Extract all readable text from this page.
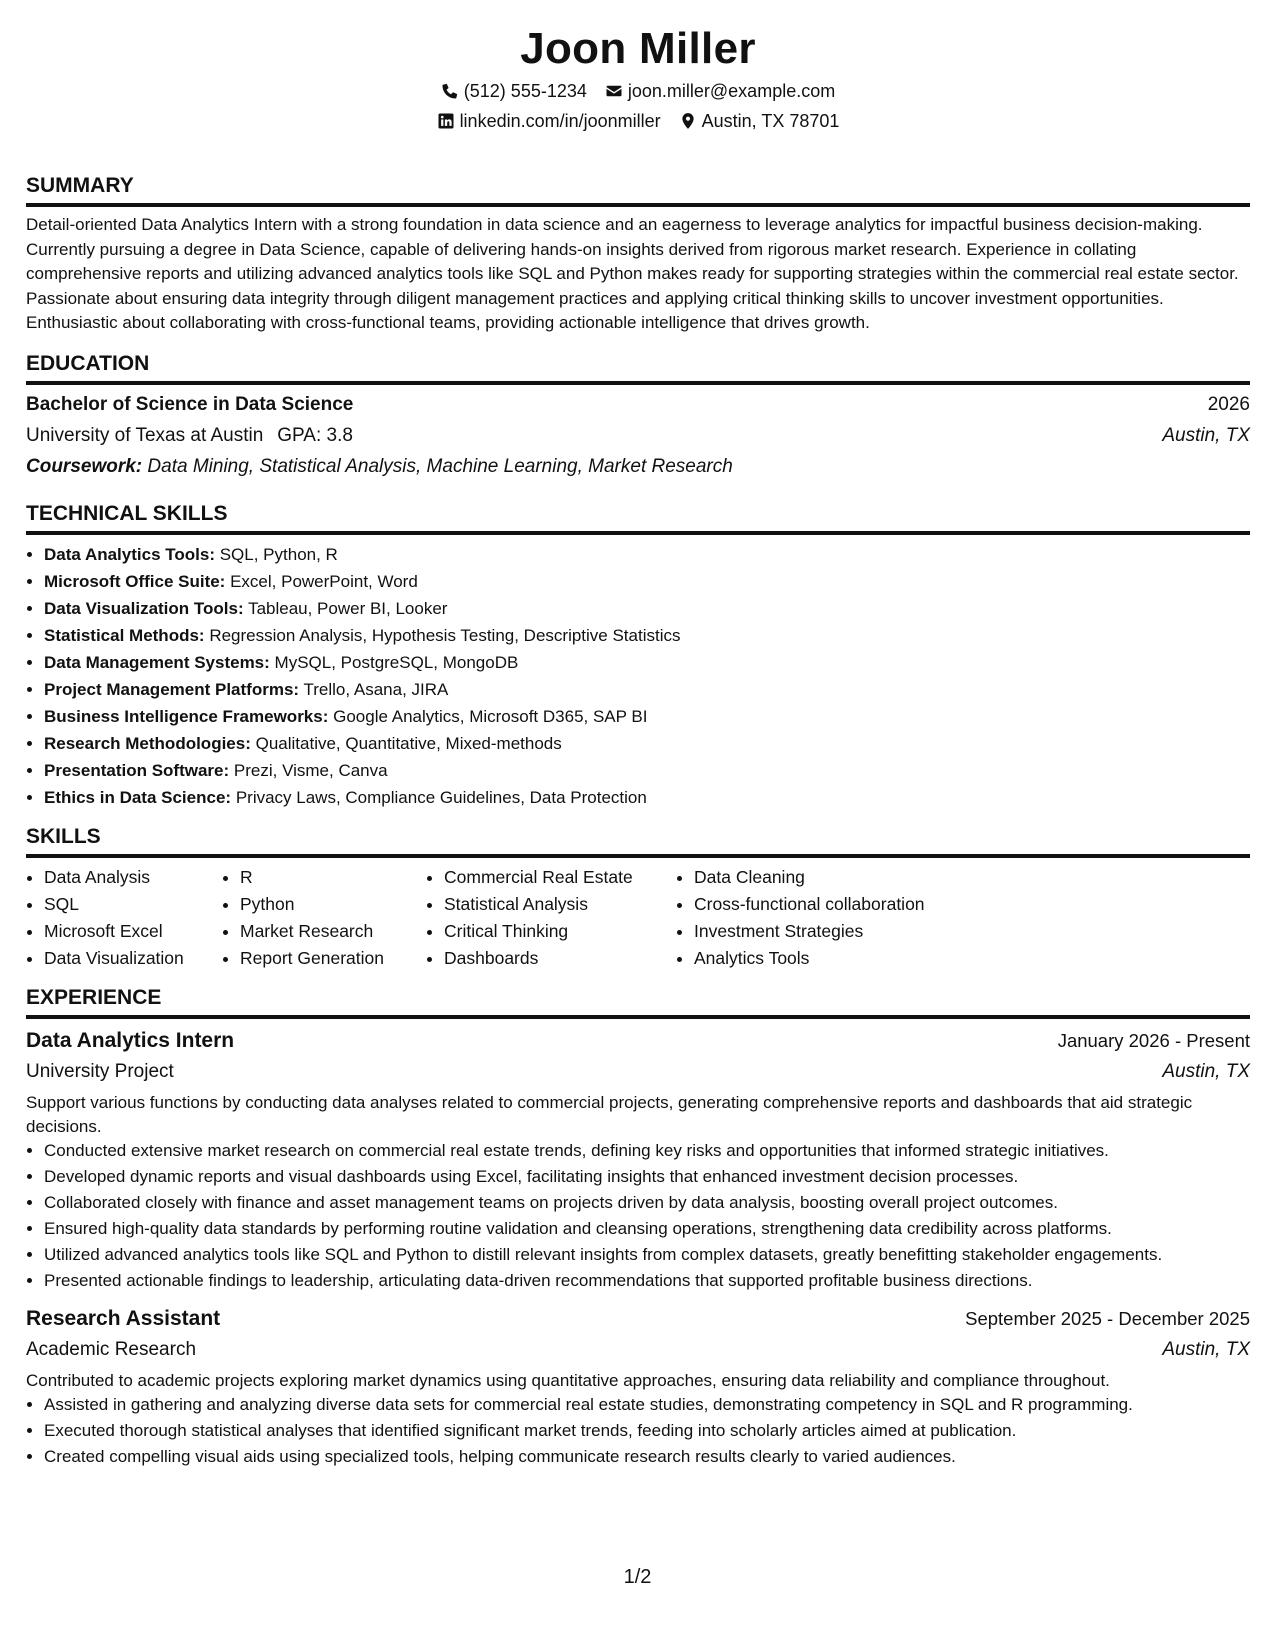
Joon Miller
(512) 555-1234 joon.miller@example.com
linkedin.com/in/joonmiller Austin, TX 78701
SUMMARY

Detail-oriented Data Analytics Intern with a strong foundation in data science and an eagerness to leverage analytics for impactful business decision-making. Currently pursuing a degree in Data Science, capable of delivering hands-on insights derived from rigorous market research. Experience in collating comprehensive reports and utilizing advanced analytics tools like SQL and Python makes ready for supporting strategies within the commercial real estate sector. Passionate about ensuring data integrity through diligent management practices and applying critical thinking skills to uncover investment opportunities. Enthusiastic about collaborating with cross-functional teams, providing actionable intelligence that drives growth.

EDUCATION
Bachelor of Science in Data Science	2026
University of Texas at Austin GPA: 3.8	Austin, TX
Coursework: Data Mining, Statistical Analysis, Machine Learning, Market Research
TECHNICAL SKILLS
• Data Analytics Tools: SQL, Python, R
• Microsoft Office Suite: Excel, PowerPoint, Word
• Data Visualization Tools: Tableau, Power BI, Looker
• Statistical Methods: Regression Analysis, Hypothesis Testing, Descriptive Statistics
• Data Management Systems: MySQL, PostgreSQL, MongoDB
• Project Management Platforms: Trello, Asana, JIRA
• Business Intelligence Frameworks: Google Analytics, Microsoft D365, SAP BI
• Research Methodologies: Qualitative, Quantitative, Mixed-methods
• Presentation Software: Prezi, Visme, Canva
• Ethics in Data Science: Privacy Laws, Compliance Guidelines, Data Protection
SKILLS
• Data Analysis
• SQL
• Microsoft Excel
• Data Visualization
• R
• Python
• Market Research
• Report Generation
• Commercial Real Estate
• Statistical Analysis
• Critical Thinking
• Dashboards
• Data Cleaning
• Cross-functional collaboration
• Investment Strategies
• Analytics Tools
EXPERIENCE
Data Analytics Intern	January 2026 - Present
University Project	Austin, TX

Support various functions by conducting data analyses related to commercial projects, generating comprehensive reports and dashboards that aid strategic decisions.

• Conducted extensive market research on commercial real estate trends, defining key risks and opportunities that informed strategic initiatives.
• Developed dynamic reports and visual dashboards using Excel, facilitating insights that enhanced investment decision processes.
• Collaborated closely with finance and asset management teams on projects driven by data analysis, boosting overall project outcomes.
• Ensured high-quality data standards by performing routine validation and cleansing operations, strengthening data credibility across platforms.
• Utilized advanced analytics tools like SQL and Python to distill relevant insights from complex datasets, greatly benefitting stakeholder engagements.
• Presented actionable findings to leadership, articulating data-driven recommendations that supported profitable business directions.
Research Assistant	September 2025 - December 2025
Academic Research	Austin, TX

Contributed to academic projects exploring market dynamics using quantitative approaches, ensuring data reliability and compliance throughout.

• Assisted in gathering and analyzing diverse data sets for commercial real estate studies, demonstrating competency in SQL and R programming.
• Executed thorough statistical analyses that identified significant market trends, feeding into scholarly articles aimed at publication.
• Created compelling visual aids using specialized tools, helping communicate research results clearly to varied audiences.
1/2
